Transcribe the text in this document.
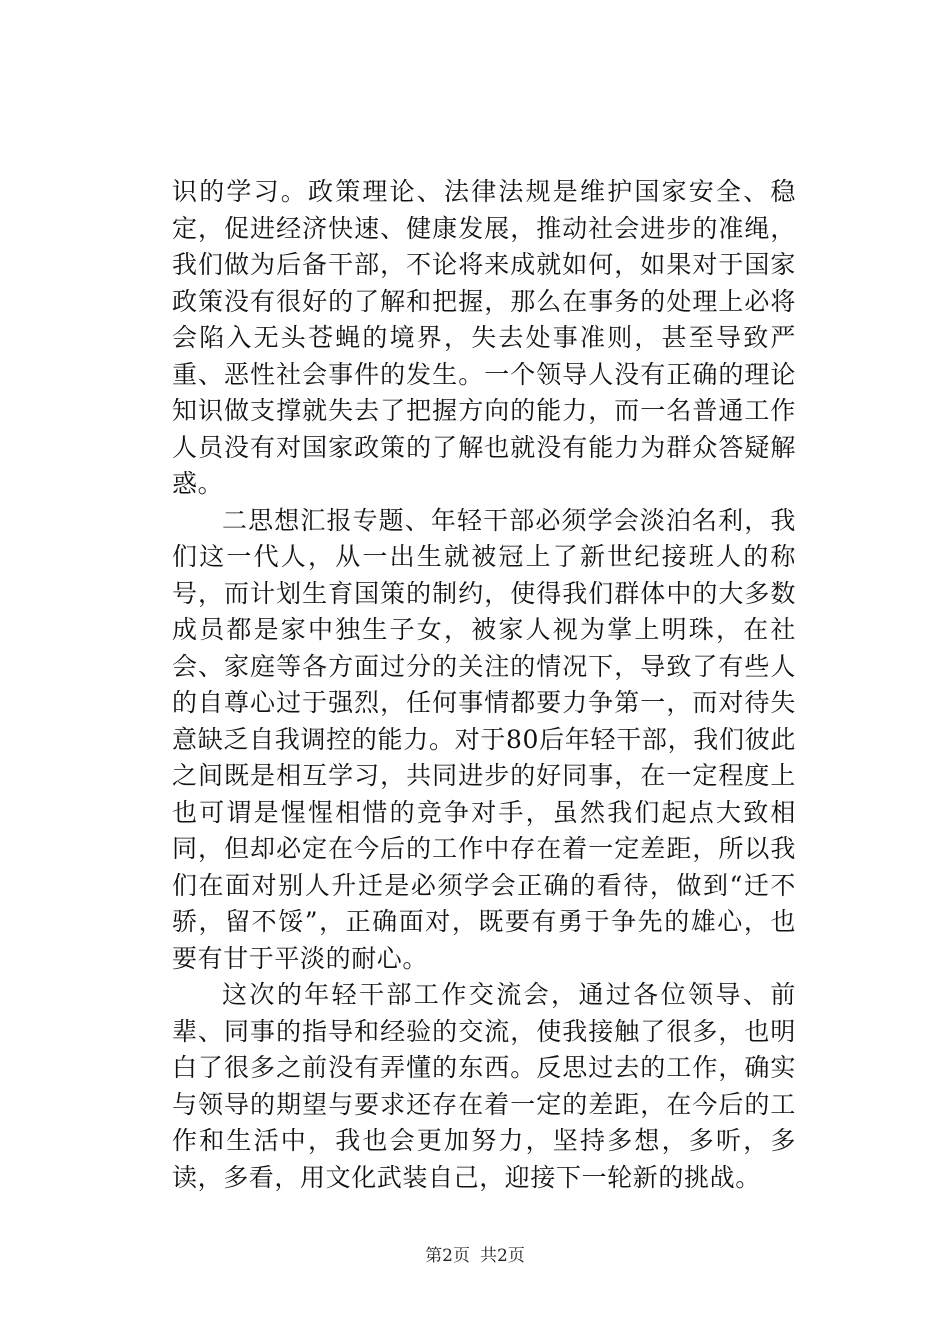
识的学习。政策理论、法律法规是维护国家安全、稳定，促进经济快速、健康发展，推动社会进步的准绳，我们做为后备干部，不论将来成就如何，如果对于国家政策没有很好的了解和把握，那么在事务的处理上必将会陷入无头苍蝇的境界，失去处事准则，甚至导致严重、恶性社会事件的发生。一个领导人没有正确的理论知识做支撑就失去了把握方向的能力，而一名普通工作人员没有对国家政策的了解也就没有能力为群众答疑解惑。

二思想汇报专题、年轻干部必须学会淡泊名利，我们这一代人，从一出生就被冠上了新世纪接班人的称号，而计划生育国策的制约，使得我们群体中的大多数成员都是家中独生子女，被家人视为掌上明珠，在社会、家庭等各方面过分的关注的情况下，导致了有些人的自尊心过于强烈，任何事情都要力争第一，而对待失意缺乏自我调控的能力。对于80后年轻干部，我们彼此之间既是相互学习，共同进步的好同事，在一定程度上也可谓是惺惺相惜的竞争对手，虽然我们起点大致相同，但却必定在今后的工作中存在着一定差距，所以我们在面对别人升迁是必须学会正确的看待，做到“迁不骄，留不馁”，正确面对，既要有勇于争先的雄心，也要有甘于平淡的耐心。

这次的年轻干部工作交流会，通过各位领导、前辈、同事的指导和经验的交流，使我接触了很多，也明白了很多之前没有弄懂的东西。反思过去的工作，确实与领导的期望与要求还存在着一定的差距，在今后的工作和生活中，我也会更加努力，坚持多想，多听，多读，多看，用文化武装自己，迎接下一轮新的挑战。

第2页 共2页
